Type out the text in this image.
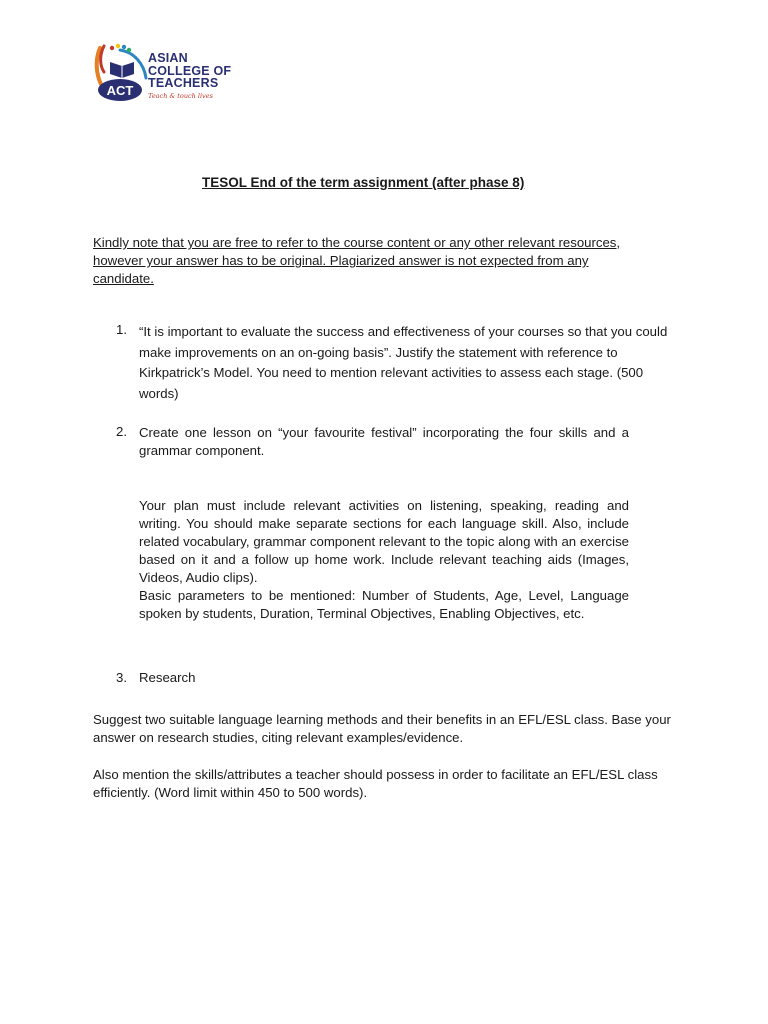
ACT
ASIAN
COLLEGE OF
TEACHERS
Teach & touch lives
TESOL End of the term assignment (after phase 8)

Kindly note that you are free to refer to the course content or any other relevant resources, however your answer has to be original. Plagiarized answer is not expected from any candidate.

1. “It is important to evaluate the success and effectiveness of your courses so that you could make improvements on an on-going basis”. Justify the statement with reference to Kirkpatrick’s Model. You need to mention relevant activities to assess each stage. (500 words)

2. Create one lesson on “your favourite festival” incorporating the four skills and a grammar component.

Your plan must include relevant activities on listening, speaking, reading and writing. You should make separate sections for each language skill. Also, include related vocabulary, grammar component relevant to the topic along with an exercise based on it and a follow up home work. Include relevant teaching aids (Images, Videos, Audio clips).

Basic parameters to be mentioned: Number of Students, Age, Level, Language spoken by students, Duration, Terminal Objectives, Enabling Objectives, etc.

3. Research

Suggest two suitable language learning methods and their benefits in an EFL/ESL class. Base your answer on research studies, citing relevant examples/evidence.

Also mention the skills/attributes a teacher should possess in order to facilitate an EFL/ESL class efficiently. (Word limit within 450 to 500 words).
